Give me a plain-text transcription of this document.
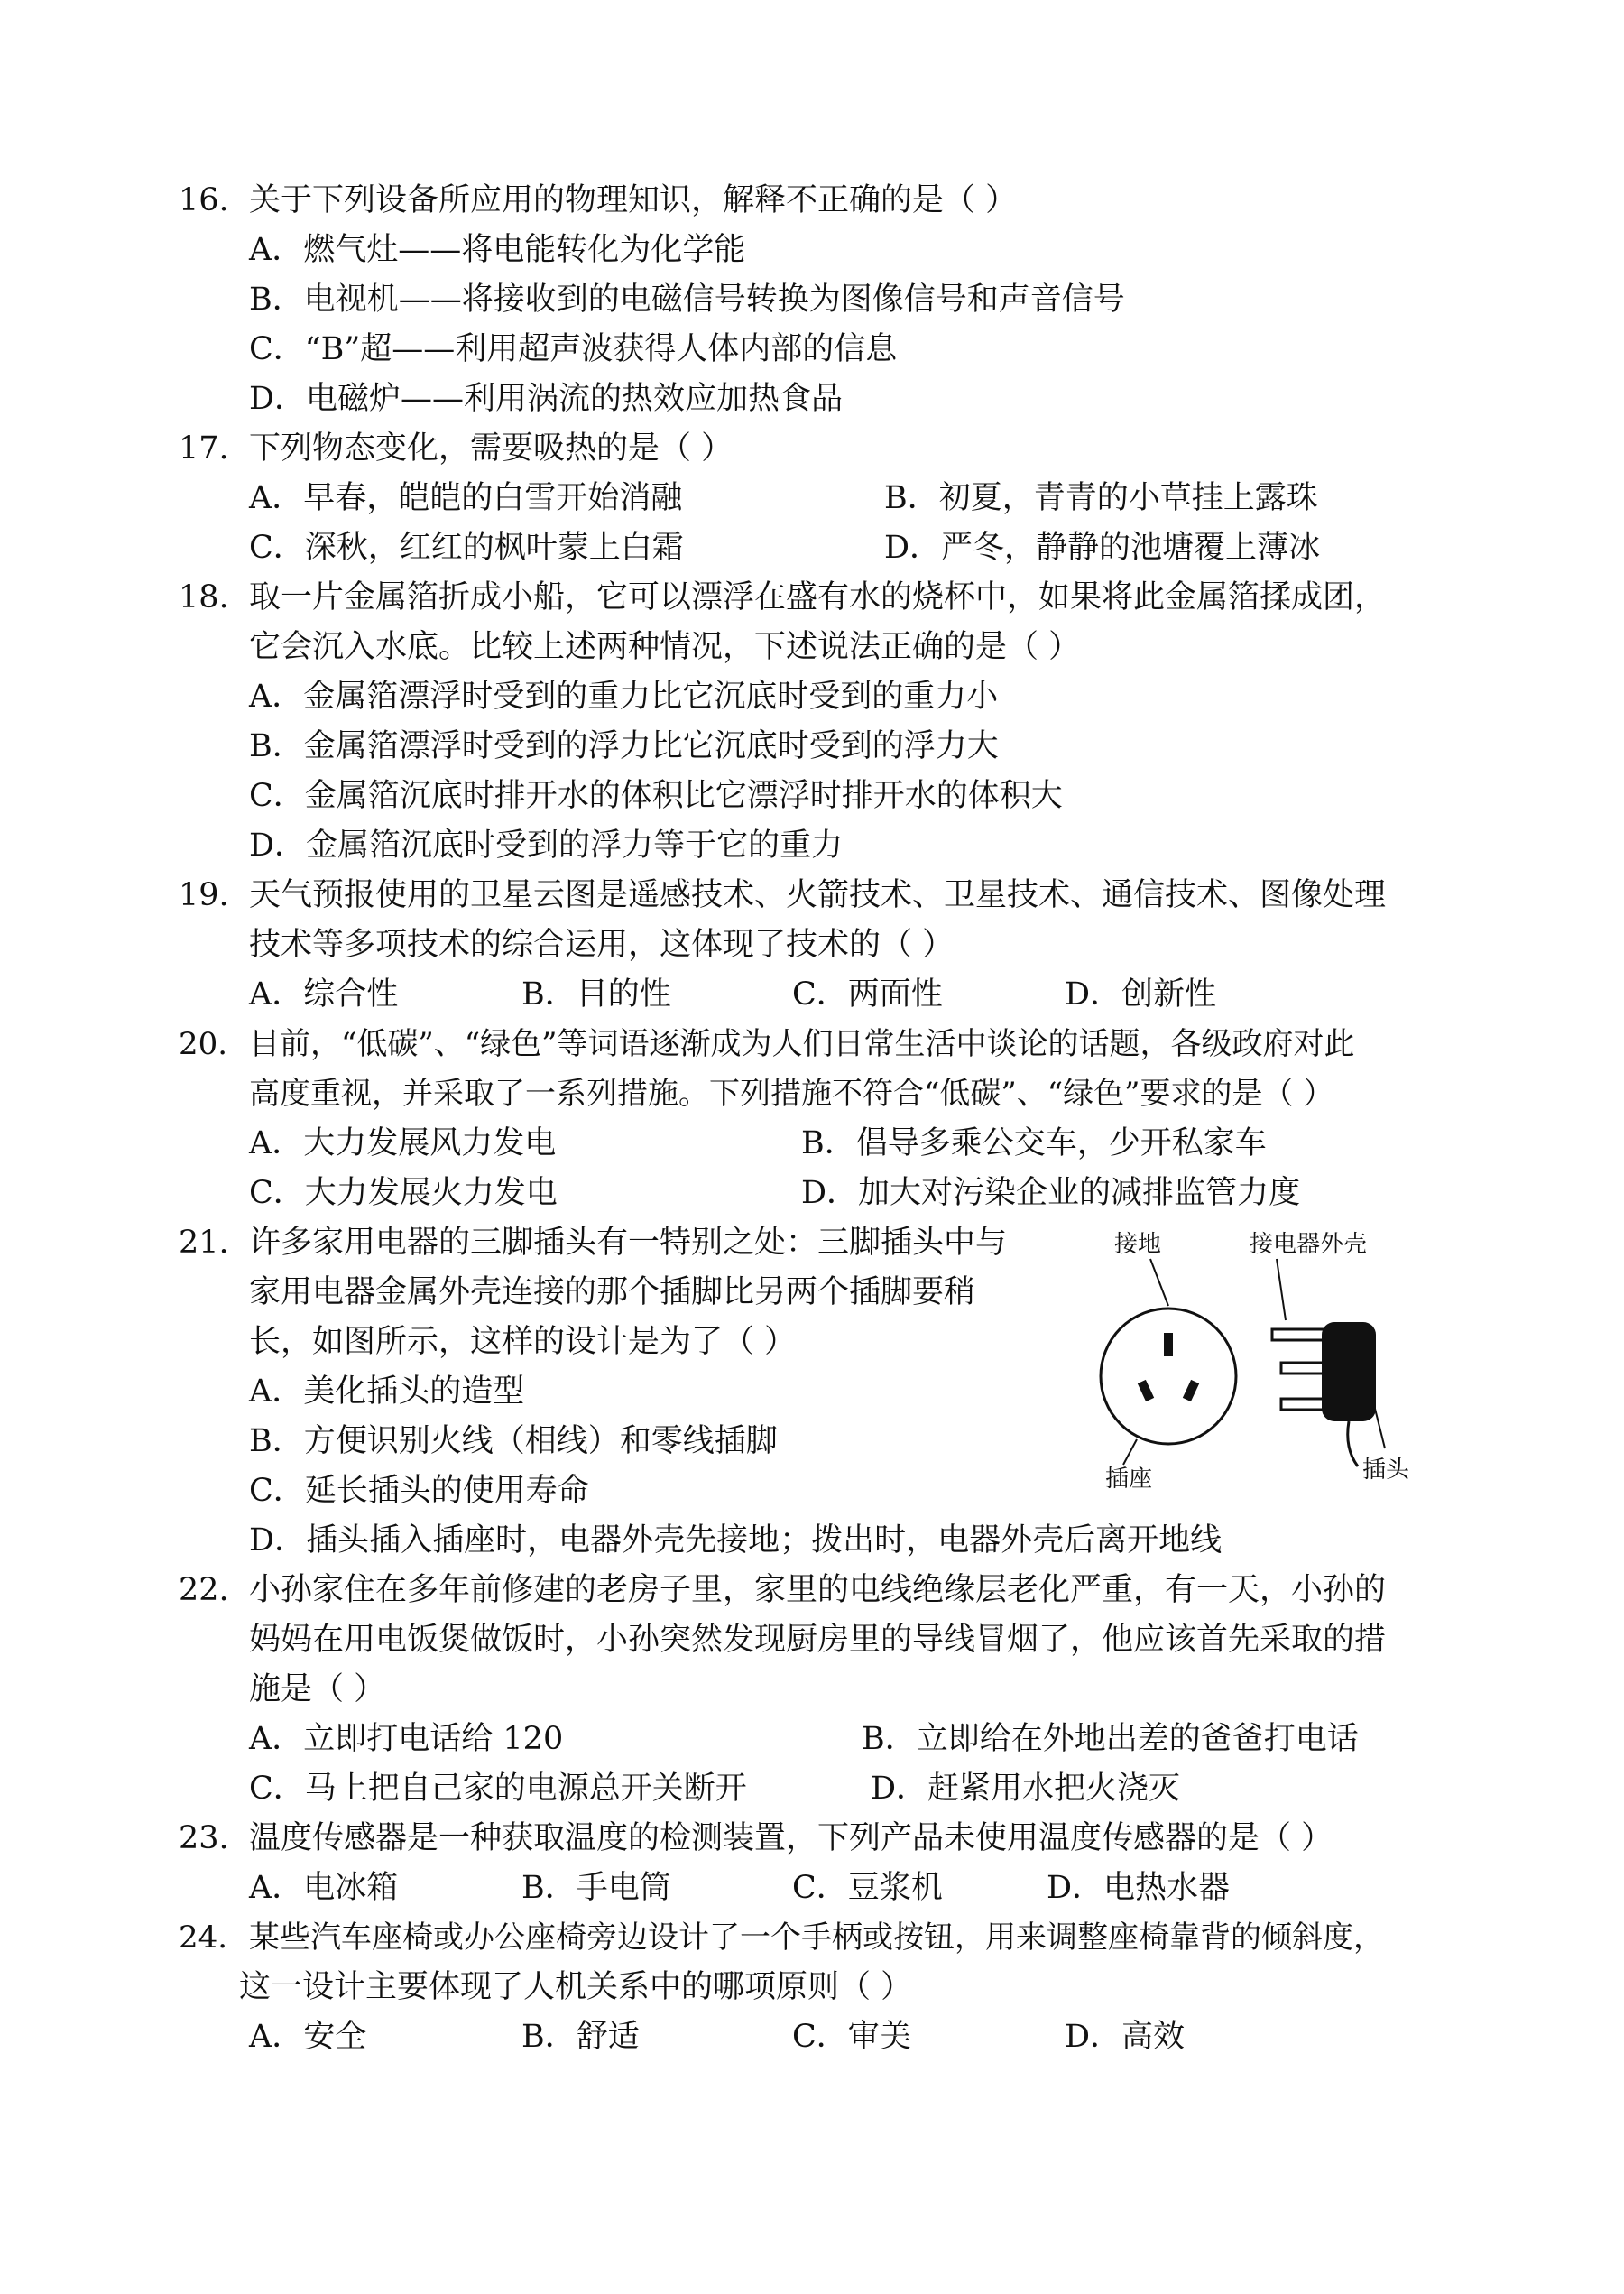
16. 关于下列设备所应用的物理知识，解释不正确的是（ ）
A．燃气灶——将电能转化为化学能
B．电视机——将接收到的电磁信号转换为图像信号和声音信号
C．“B”超——利用超声波获得人体内部的信息
D．电磁炉——利用涡流的热效应加热食品
17. 下列物态变化，需要吸热的是（ ）
A．早春，皑皑的白雪开始消融	B．初夏，青青的小草挂上露珠
C．深秋，红红的枫叶蒙上白霜	D．严冬，静静的池塘覆上薄冰
18. 取一片金属箔折成小船，它可以漂浮在盛有水的烧杯中，如果将此金属箔揉成团，
它会沉入水底。比较上述两种情况，下述说法正确的是（ ）
A．金属箔漂浮时受到的重力比它沉底时受到的重力小
B．金属箔漂浮时受到的浮力比它沉底时受到的浮力大
C．金属箔沉底时排开水的体积比它漂浮时排开水的体积大
D．金属箔沉底时受到的浮力等于它的重力
19. 天气预报使用的卫星云图是遥感技术、火箭技术、卫星技术、通信技术、图像处理
技术等多项技术的综合运用，这体现了技术的（ ）
A．综合性	B．目的性	C．两面性	D．创新性
20. 目前，“低碳”、“绿色”等词语逐渐成为人们日常生活中谈论的话题，各级政府对此
高度重视，并采取了一系列措施。下列措施不符合“低碳”、“绿色”要求的是（ ）
A．大力发展风力发电	B．倡导多乘公交车，少开私家车
C．大力发展火力发电	D．加大对污染企业的减排监管力度
21. 许多家用电器的三脚插头有一特别之处：三脚插头中与
家用电器金属外壳连接的那个插脚比另两个插脚要稍
长，如图所示，这样的设计是为了（ ）
A．美化插头的造型
B．方便识别火线（相线）和零线插脚
C．延长插头的使用寿命
D．插头插入插座时，电器外壳先接地；拨出时，电器外壳后离开地线
接地	接电器外壳
插座	插头
22. 小孙家住在多年前修建的老房子里，家里的电线绝缘层老化严重，有一天，小孙的
妈妈在用电饭煲做饭时，小孙突然发现厨房里的导线冒烟了，他应该首先采取的措
施是（ ）
A．立即打电话给 120	B．立即给在外地出差的爸爸打电话
C．马上把自己家的电源总开关断开	D．赶紧用水把火浇灭
23. 温度传感器是一种获取温度的检测装置，下列产品未使用温度传感器的是（ ）
A．电冰箱	B．手电筒	C．豆浆机	D．电热水器
24. 某些汽车座椅或办公座椅旁边设计了一个手柄或按钮，用来调整座椅靠背的倾斜度，
这一设计主要体现了人机关系中的哪项原则（ ）
A．安全	B．舒适	C．审美	D．高效
